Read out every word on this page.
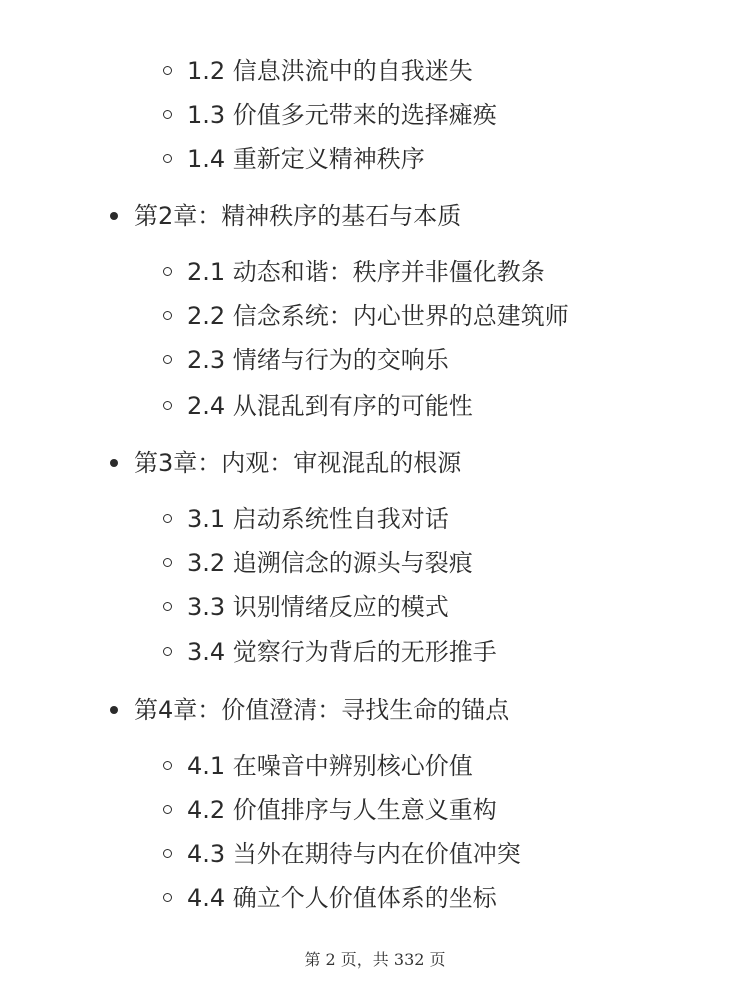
1.2 信息洪流中的自我迷失
1.3 价值多元带来的选择瘫痪
1.4 重新定义精神秩序
第2章：精神秩序的基石与本质
2.1 动态和谐：秩序并非僵化教条
2.2 信念系统：内心世界的总建筑师
2.3 情绪与行为的交响乐
2.4 从混乱到有序的可能性
第3章：内观：审视混乱的根源
3.1 启动系统性自我对话
3.2 追溯信念的源头与裂痕
3.3 识别情绪反应的模式
3.4 觉察行为背后的无形推手
第4章：价值澄清：寻找生命的锚点
4.1 在噪音中辨别核心价值
4.2 价值排序与人生意义重构
4.3 当外在期待与内在价值冲突
4.4 确立个人价值体系的坐标
第 2 页，共 332 页
